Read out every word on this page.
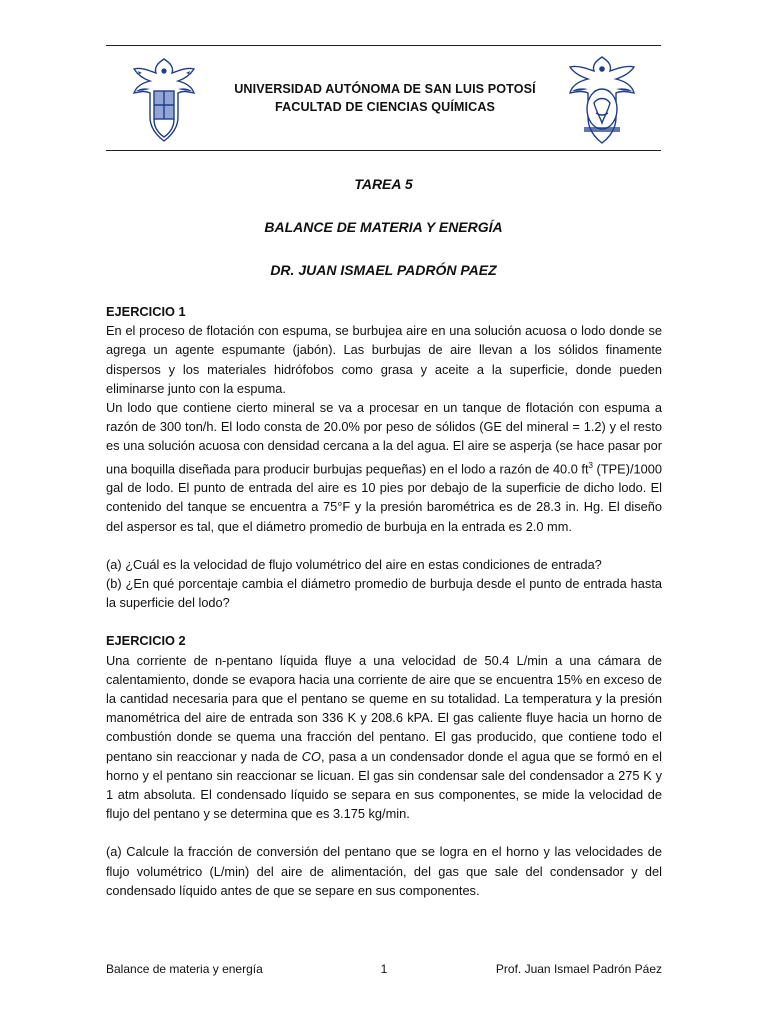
UNIVERSIDAD AUTÓNOMA DE SAN LUIS POTOSÍ
FACULTAD DE CIENCIAS QUÍMICAS
TAREA 5
BALANCE DE MATERIA Y ENERGÍA
DR. JUAN ISMAEL PADRÓN PAEZ
EJERCICIO 1

En el proceso de flotación con espuma, se burbujea aire en una solución acuosa o lodo donde se agrega un agente espumante (jabón). Las burbujas de aire llevan a los sólidos finamente dispersos y los materiales hidrófobos como grasa y aceite a la superficie, donde pueden eliminarse junto con la espuma.

Un lodo que contiene cierto mineral se va a procesar en un tanque de flotación con espuma a razón de 300 ton/h. El lodo consta de 20.0% por peso de sólidos (GE del mineral = 1.2) y el resto es una solución acuosa con densidad cercana a la del agua. El aire se asperja (se hace pasar por una boquilla diseñada para producir burbujas pequeñas) en el lodo a razón de 40.0 $ft^3$ (TPE)/1000 gal de lodo. El punto de entrada del aire es 10 pies por debajo de la superficie de dicho lodo. El contenido del tanque se encuentra a 75°F y la presión barométrica es de 28.3 in. Hg. El diseño del aspersor es tal, que el diámetro promedio de burbuja en la entrada es 2.0 mm.

(a) ¿Cuál es la velocidad de flujo volumétrico del aire en estas condiciones de entrada?

(b) ¿En qué porcentaje cambia el diámetro promedio de burbuja desde el punto de entrada hasta la superficie del lodo?

EJERCICIO 2

Una corriente de n-pentano líquida fluye a una velocidad de 50.4 L/min a una cámara de calentamiento, donde se evapora hacia una corriente de aire que se encuentra 15% en exceso de la cantidad necesaria para que el pentano se queme en su totalidad. La temperatura y la presión manométrica del aire de entrada son 336 K y 208.6 kPA. El gas caliente fluye hacia un horno de combustión donde se quema una fracción del pentano. El gas producido, que contiene todo el pentano sin reaccionar y nada de CO, pasa a un condensador donde el agua que se formó en el horno y el pentano sin reaccionar se licuan. El gas sin condensar sale del condensador a 275 K y 1 atm absoluta. El condensado líquido se separa en sus componentes, se mide la velocidad de flujo del pentano y se determina que es 3.175 kg/min.

(a) Calcule la fracción de conversión del pentano que se logra en el horno y las velocidades de flujo volumétrico (L/min) del aire de alimentación, del gas que sale del condensador y del condensado líquido antes de que se separe en sus componentes.

Balance de materia y energía	1	Prof. Juan Ismael Padrón Páez
